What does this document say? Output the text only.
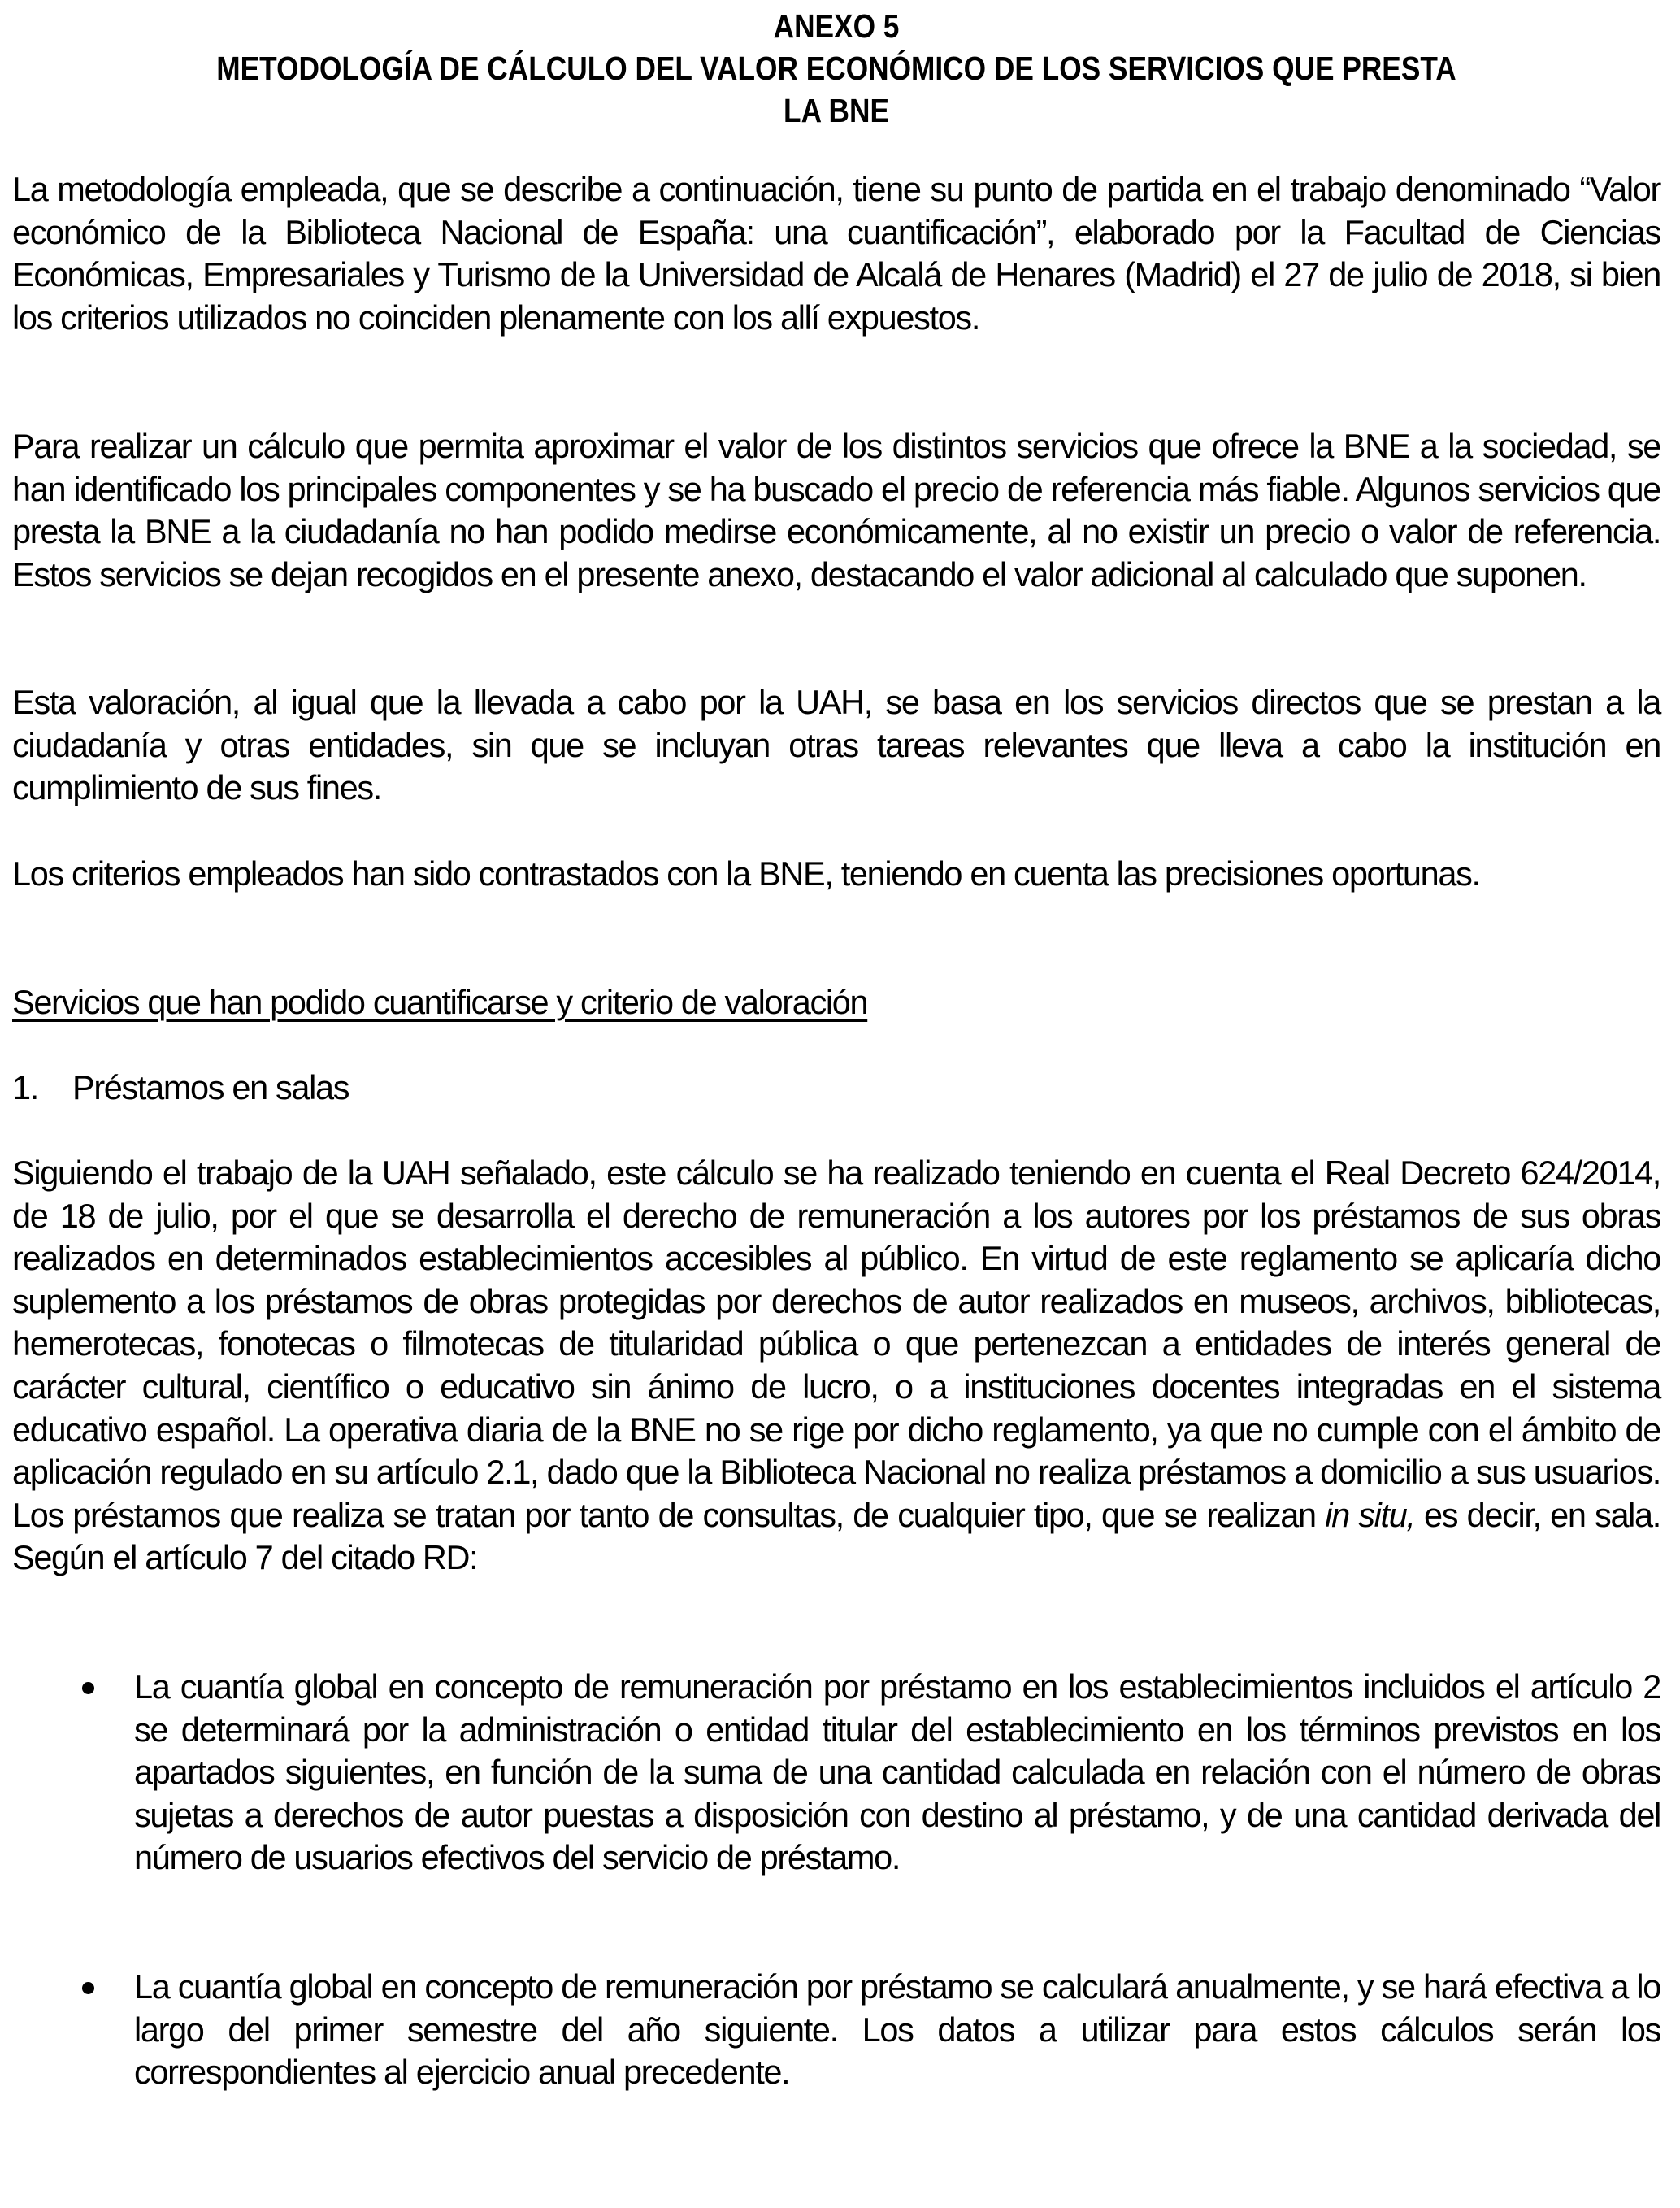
ANEXO 5
METODOLOGÍA DE CÁLCULO DEL VALOR ECONÓMICO DE LOS SERVICIOS QUE PRESTA
LA BNE

La metodología empleada, que se describe a continuación, tiene su punto de partida en el trabajo denominado “Valor económico de la Biblioteca Nacional de España: una cuantificación”, elaborado por la Facultad de Ciencias Económicas, Empresariales y Turismo de la Universidad de Alcalá de Henares (Madrid) el 27 de julio de 2018, si bien los criterios utilizados no coinciden plenamente con los allí expuestos.

Para realizar un cálculo que permita aproximar el valor de los distintos servicios que ofrece la BNE a la sociedad, se han identificado los principales componentes y se ha buscado el precio de referencia más fiable. Algunos servicios que presta la BNE a la ciudadanía no han podido medirse económicamente, al no existir un precio o valor de referencia. Estos servicios se dejan recogidos en el presente anexo, destacando el valor adicional al calculado que suponen.

Esta valoración, al igual que la llevada a cabo por la UAH, se basa en los servicios directos que se prestan a la ciudadanía y otras entidades, sin que se incluyan otras tareas relevantes que lleva a cabo la institución en cumplimiento de sus fines.

Los criterios empleados han sido contrastados con la BNE, teniendo en cuenta las precisiones oportunas.

Servicios que han podido cuantificarse y criterio de valoración
1. Préstamos en salas

Siguiendo el trabajo de la UAH señalado, este cálculo se ha realizado teniendo en cuenta el Real Decreto 624/2014, de 18 de julio, por el que se desarrolla el derecho de remuneración a los autores por los préstamos de sus obras realizados en determinados establecimientos accesibles al público. En virtud de este reglamento se aplicaría dicho suplemento a los préstamos de obras protegidas por derechos de autor realizados en museos, archivos, bibliotecas, hemerotecas, fonotecas o filmotecas de titularidad pública o que pertenezcan a entidades de interés general de carácter cultural, científico o educativo sin ánimo de lucro, o a instituciones docentes integradas en el sistema educativo español. La operativa diaria de la BNE no se rige por dicho reglamento, ya que no cumple con el ámbito de aplicación regulado en su artículo 2.1, dado que la Biblioteca Nacional no realiza préstamos a domicilio a sus usuarios. Los préstamos que realiza se tratan por tanto de consultas, de cualquier tipo, que se realizan in situ, es decir, en sala. Según el artículo 7 del citado RD:

La cuantía global en concepto de remuneración por préstamo en los establecimientos incluidos el artículo 2 se determinará por la administración o entidad titular del establecimiento en los términos previstos en los apartados siguientes, en función de la suma de una cantidad calculada en relación con el número de obras sujetas a derechos de autor puestas a disposición con destino al préstamo, y de una cantidad derivada del número de usuarios efectivos del servicio de préstamo.
La cuantía global en concepto de remuneración por préstamo se calculará anualmente, y se hará efectiva a lo largo del primer semestre del año siguiente. Los datos a utilizar para estos cálculos serán los correspondientes al ejercicio anual precedente.
